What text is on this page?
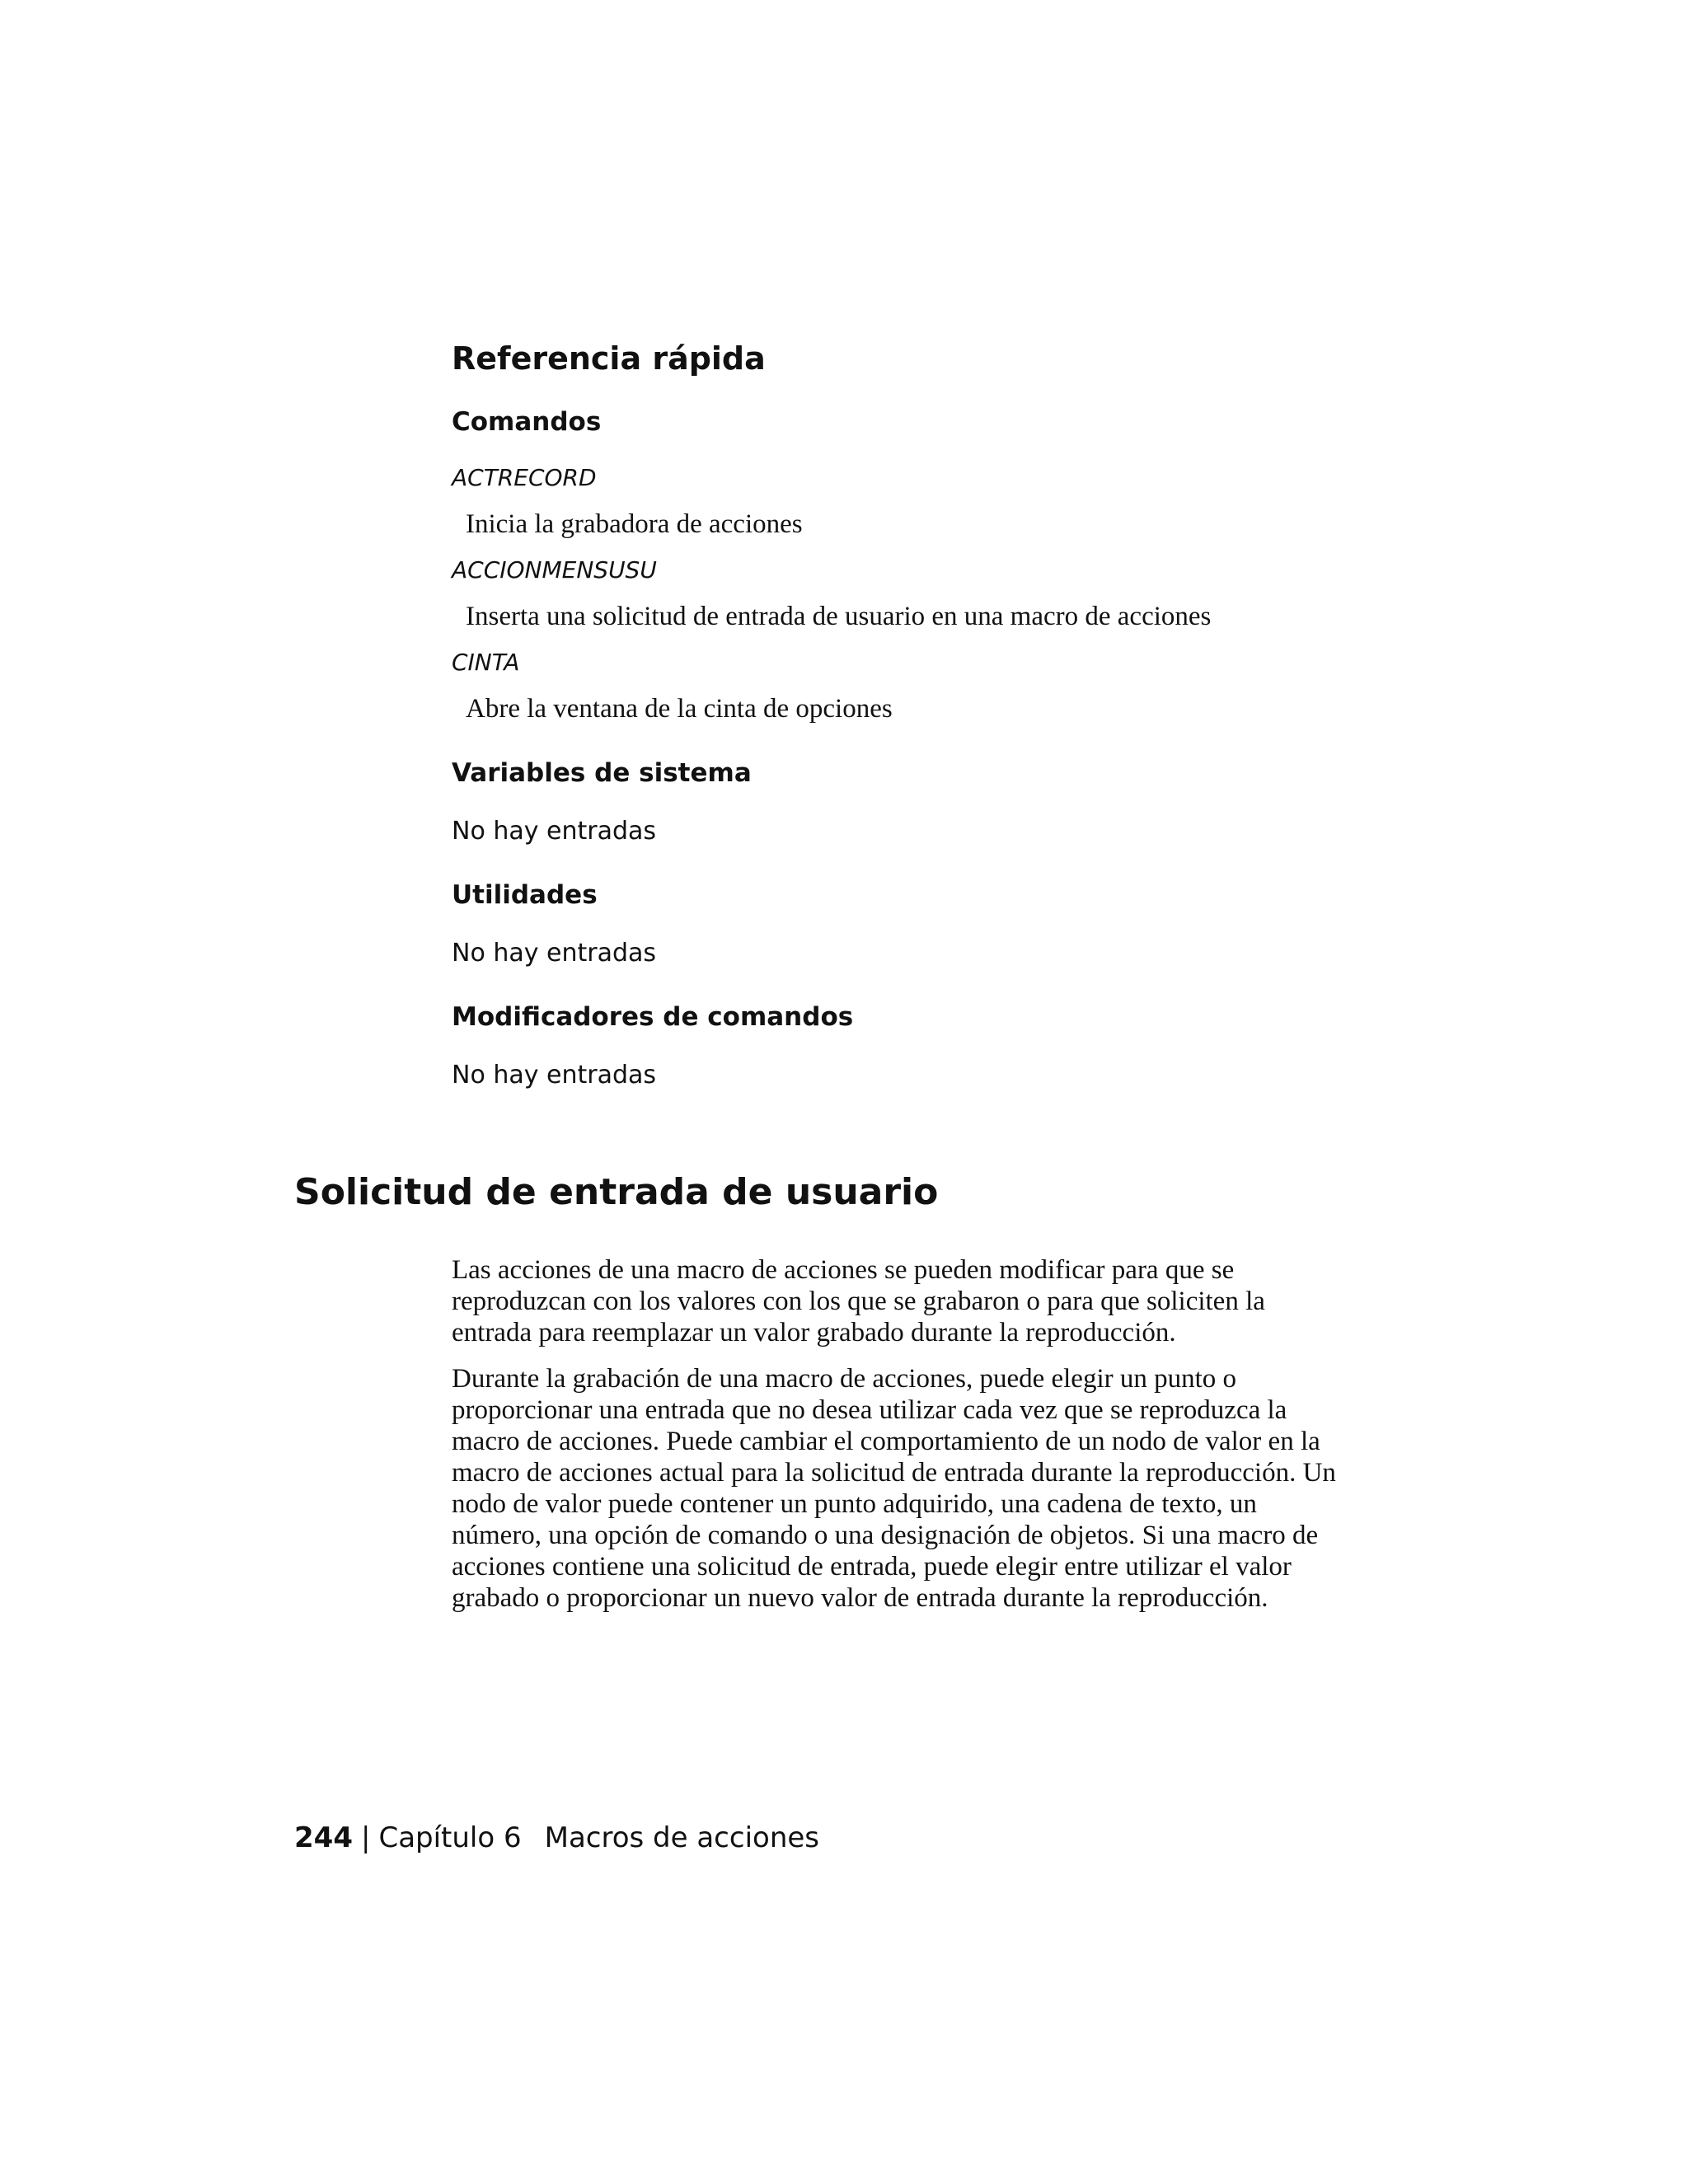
Referencia rápida
Comandos

ACTRECORD

Inicia la grabadora de acciones

ACCIONMENSUSU

Inserta una solicitud de entrada de usuario en una macro de acciones

CINTA

Abre la ventana de la cinta de opciones

Variables de sistema

No hay entradas

Utilidades

No hay entradas

Modificadores de comandos

No hay entradas

Solicitud de entrada de usuario

Las acciones de una macro de acciones se pueden modificar para que se reproduzcan con los valores con los que se grabaron o para que soliciten la entrada para reemplazar un valor grabado durante la reproducción.

Durante la grabación de una macro de acciones, puede elegir un punto o proporcionar una entrada que no desea utilizar cada vez que se reproduzca la macro de acciones. Puede cambiar el comportamiento de un nodo de valor en la macro de acciones actual para la solicitud de entrada durante la reproducción. Un nodo de valor puede contener un punto adquirido, una cadena de texto, un número, una opción de comando o una designación de objetos. Si una macro de acciones contiene una solicitud de entrada, puede elegir entre utilizar el valor grabado o proporcionar un nuevo valor de entrada durante la reproducción.

244 | Capítulo 6 Macros de acciones
